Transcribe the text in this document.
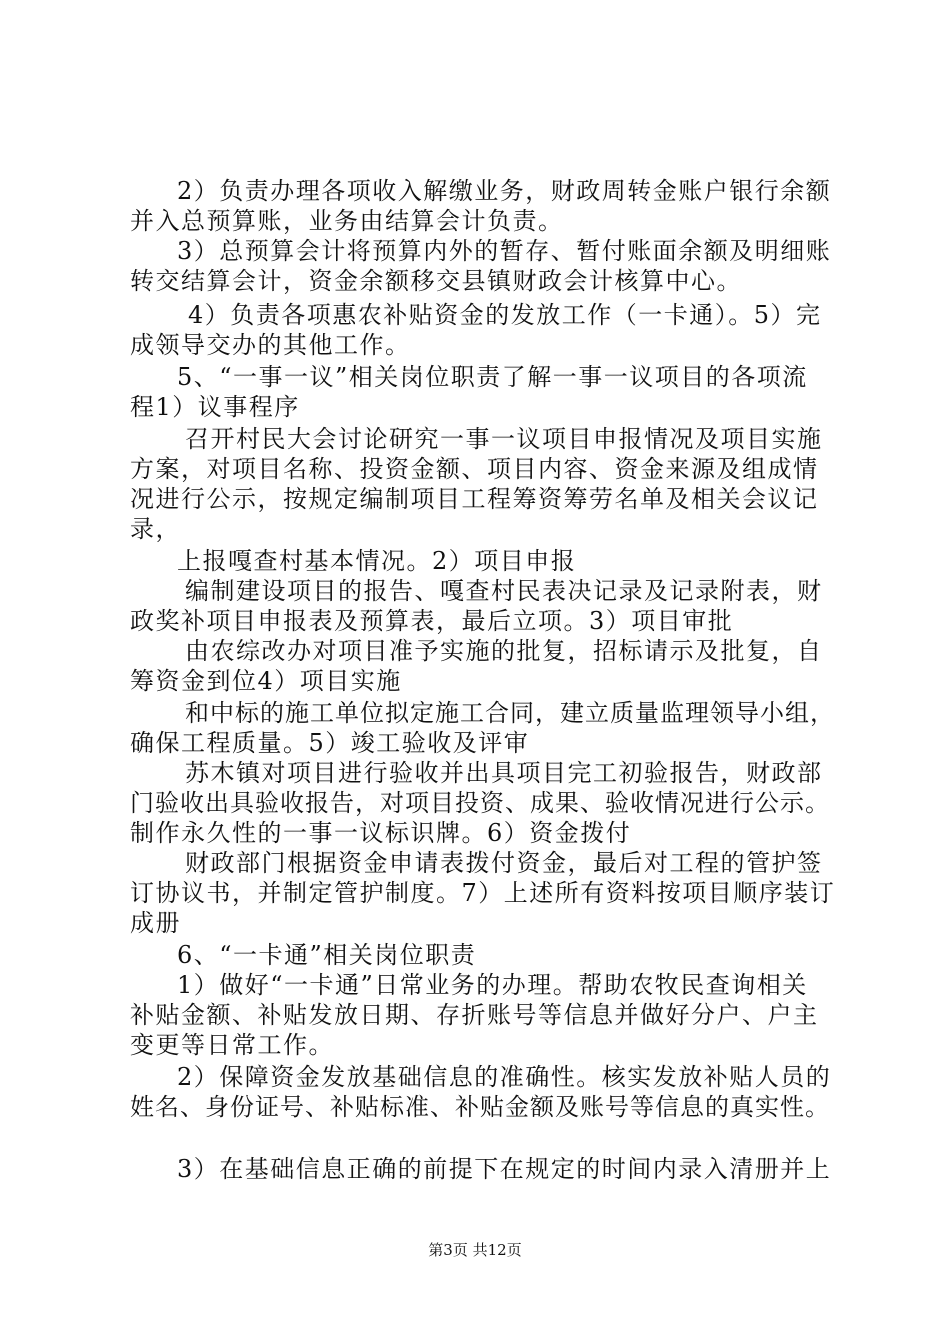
2）负责办理各项收入解缴业务，财政周转金账户银行余额
并入总预算账，业务由结算会计负责。
3）总预算会计将预算内外的暂存、暂付账面余额及明细账
转交结算会计，资金余额移交县镇财政会计核算中心。
4）负责各项惠农补贴资金的发放工作（一卡通）。5）完
成领导交办的其他工作。
5、“一事一议”相关岗位职责了解一事一议项目的各项流
程1）议事程序
召开村民大会讨论研究一事一议项目申报情况及项目实施
方案，对项目名称、投资金额、项目内容、资金来源及组成情
况进行公示，按规定编制项目工程筹资筹劳名单及相关会议记
录，
上报嘎查村基本情况。2）项目申报
编制建设项目的报告、嘎查村民表决记录及记录附表，财
政奖补项目申报表及预算表，最后立项。3）项目审批
由农综改办对项目准予实施的批复，招标请示及批复，自
筹资金到位4）项目实施
和中标的施工单位拟定施工合同，建立质量监理领导小组，
确保工程质量。5）竣工验收及评审
苏木镇对项目进行验收并出具项目完工初验报告，财政部
门验收出具验收报告，对项目投资、成果、验收情况进行公示。
制作永久性的一事一议标识牌。6）资金拨付
财政部门根据资金申请表拨付资金，最后对工程的管护签
订协议书，并制定管护制度。7）上述所有资料按项目顺序装订
成册
6、“一卡通”相关岗位职责
1）做好“一卡通”日常业务的办理。帮助农牧民查询相关
补贴金额、补贴发放日期、存折账号等信息并做好分户、户主
变更等日常工作。
2）保障资金发放基础信息的准确性。核实发放补贴人员的
姓名、身份证号、补贴标准、补贴金额及账号等信息的真实性。
3）在基础信息正确的前提下在规定的时间内录入清册并上
第3页 共12页
